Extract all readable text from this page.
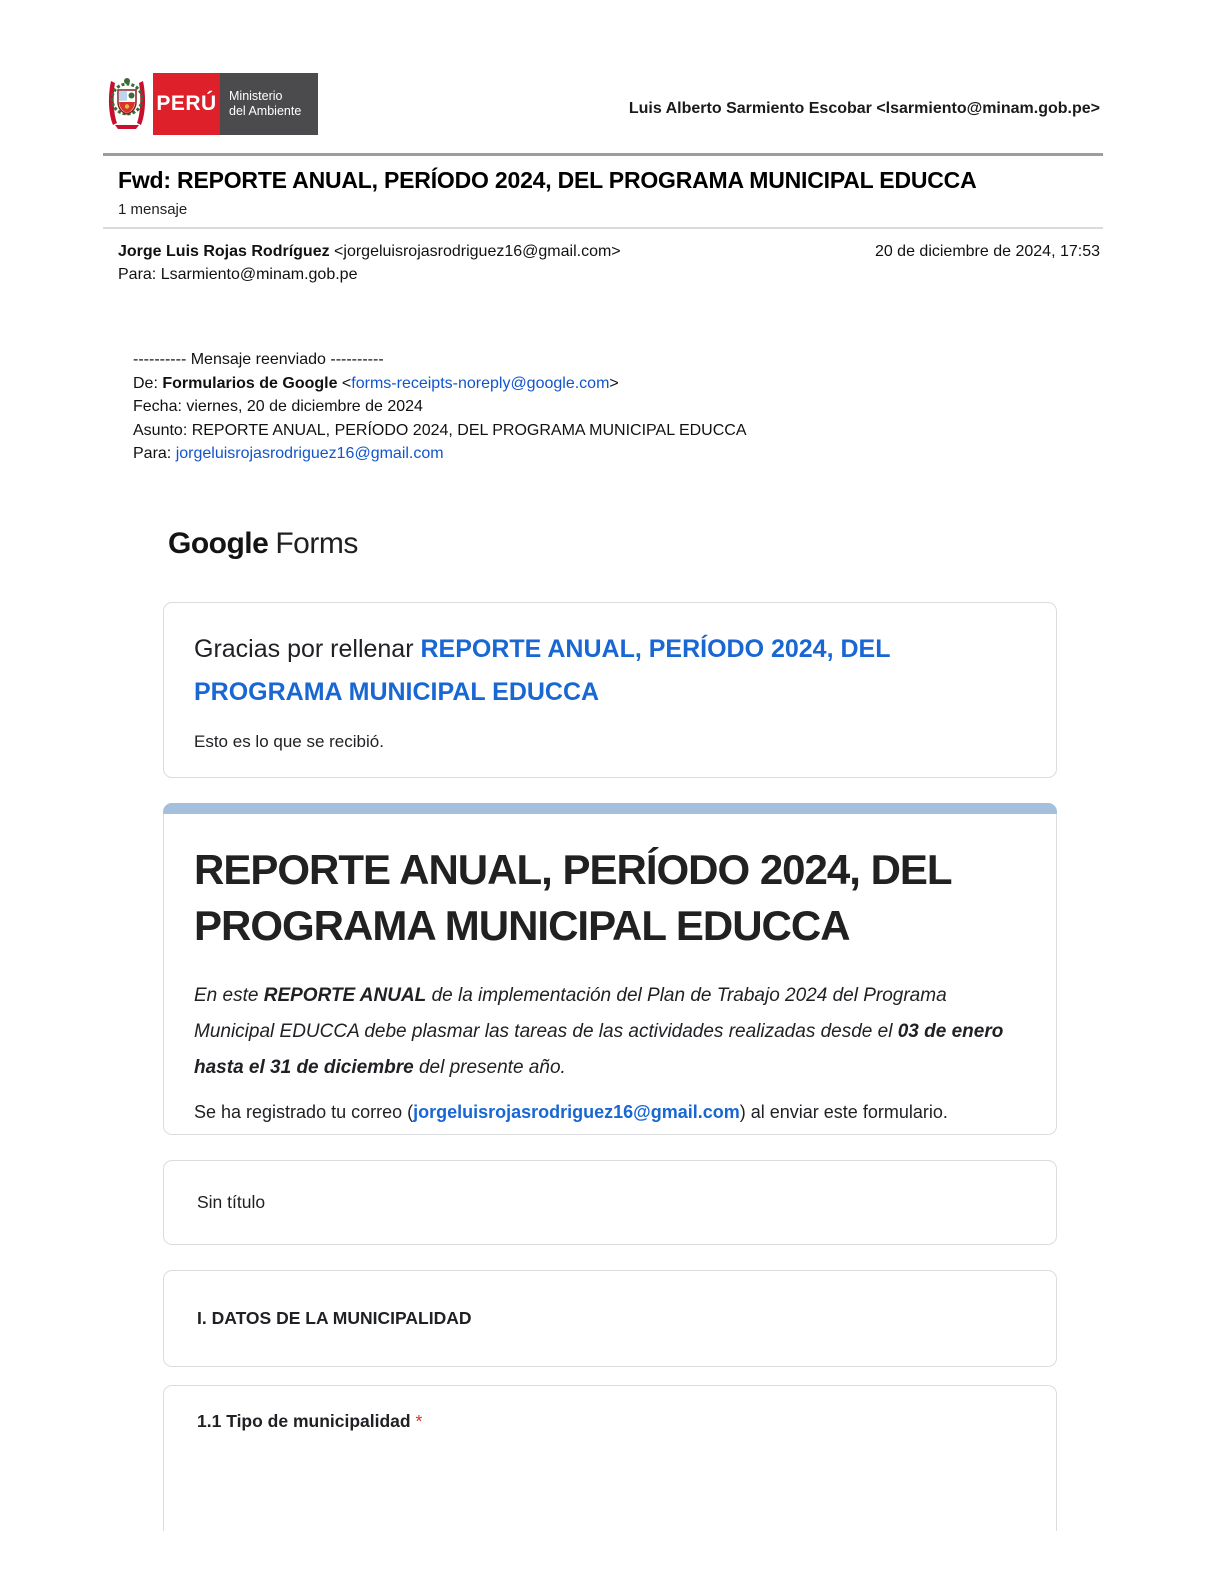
PERÚ Ministerio
del Ambiente	Luis Alberto Sarmiento Escobar <lsarmiento@minam.gob.pe>
Fwd: REPORTE ANUAL, PERÍODO 2024, DEL PROGRAMA MUNICIPAL EDUCCA
1 mensaje
Jorge Luis Rojas Rodríguez <jorgeluisrojasrodriguez16@gmail.com>	20 de diciembre de 2024, 17:53
Para: Lsarmiento@minam.gob.pe
---------- Mensaje reenviado ----------
De: Formularios de Google <forms-receipts-noreply@google.com>
Fecha: viernes, 20 de diciembre de 2024
Asunto: REPORTE ANUAL, PERÍODO 2024, DEL PROGRAMA MUNICIPAL EDUCCA
Para: jorgeluisrojasrodriguez16@gmail.com
Google Forms
Gracias por rellenar REPORTE ANUAL, PERÍODO 2024, DEL
PROGRAMA MUNICIPAL EDUCCA
Esto es lo que se recibió.
REPORTE ANUAL, PERÍODO 2024, DEL
PROGRAMA MUNICIPAL EDUCCA
En este REPORTE ANUAL de la implementación del Plan de Trabajo 2024 del Programa
Municipal EDUCCA debe plasmar las tareas de las actividades realizadas desde el 03 de enero
hasta el 31 de diciembre del presente año.
Se ha registrado tu correo (jorgeluisrojasrodriguez16@gmail.com) al enviar este formulario.
Sin título
I. DATOS DE LA MUNICIPALIDAD
1.1 Tipo de municipalidad *
